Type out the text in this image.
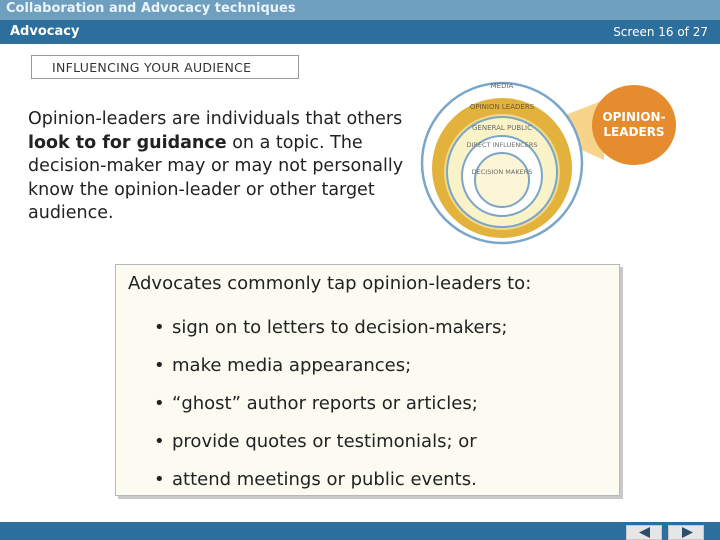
Collaboration and Advocacy techniques
Advocacy	Screen 16 of 27
INFLUENCING YOUR AUDIENCE
Opinion-leaders are individuals that others look to for guidance on a topic. The decision-maker may or may not personally know the opinion-leader or other target audience.
MEDIA
OPINION LEADERS
GENERAL PUBLIC
DIRECT INFLUENCERS
DECISION MAKERS
OPINION-
LEADERS
Advocates commonly tap opinion-leaders to:
• sign on to letters to decision-makers;
• make media appearances;
• “ghost” author reports or articles;
• provide quotes or testimonials; or
• attend meetings or public events.
